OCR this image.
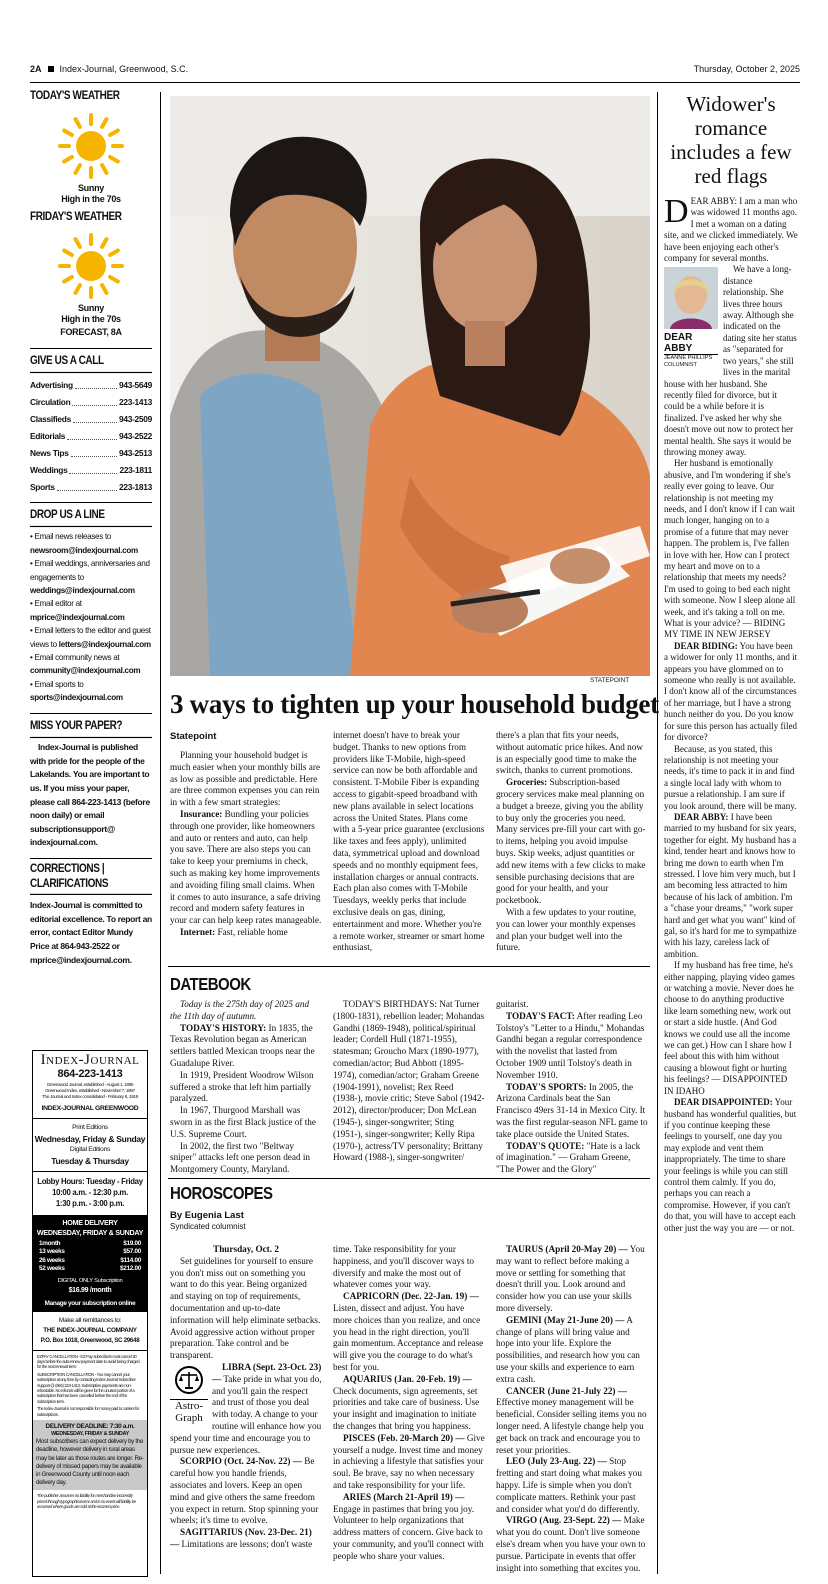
2A Index-Journal, Greenwood, S.C.	Thursday, October 2, 2025
TODAY'S WEATHER
Sunny
High in the 70s
FRIDAY'S WEATHER
Sunny
High in the 70s
FORECAST, 8A
GIVE US A CALL
Advertising	943-5649
Circulation	223-1413
Classifieds	943-2509
Editorials	943-2522
News Tips	943-2513
Weddings	223-1811
Sports	223-1813
DROP US A LINE
• Email news releases to newsroom@indexjournal.com
• Email weddings, anniversaries and engagements to weddings@indexjournal.com
• Email editor at mprice@indexjournal.com
• Email letters to the editor and guest views to letters@indexjournal.com
• Email community news at community@indexjournal.com
• Email sports to sports@indexjournal.com
MISS YOUR PAPER?
Index-Journal is published with pride for the people of the Lakelands. You are important to us. If you miss your paper, please call 864-223-1413 (before noon daily) or email subscriptionsupport@ indexjournal.com.
CORRECTIONS | CLARIFICATIONS
Index-Journal is committed to editorial excellence. To report an error, contact Editor Mundy Price at 864-943-2522 or mprice@indexjournal.com.
Index-Journal
864-223-1413
Greenwood Journal, established - August 1, 1895
Greenwood Index, established - November 7, 1897
The Journal and Index consolidated - February 6, 1919
INDEX-JOURNAL GREENWOOD
Print Editions
Wednesday, Friday & Sunday
Digital Editions
Tuesday & Thursday
Lobby Hours: Tuesday - Friday
10:00 a.m. - 12:30 p.m.
1:30 p.m. - 3:00 p.m.
HOME DELIVERY
WEDNESDAY, FRIDAY & SUNDAY
1month	$19.00
13 weeks	$57.00
26 weeks	$114.00
52 weeks	$212.00
DIGITAL ONLY Subscription
$16.99 /month
Manage your subscription online
Make all remittances to:
THE INDEX-JOURNAL COMPANY
P.O. Box 1018, Greenwood, SC 29648
EZPAY CANCELLATION - EZ-Pay subscribers must cancel 30 days before the auto-renew payment date to avoid being charged for the next renewal term.
SUBSCRIPTION CANCELLATION - You may cancel your subscription at any time by contacting Index-Journal Subscriber Support @ (864) 223-1413. Subscription payments are non-refundable. No refunds will be given for the unused portion of a subscription that has been cancelled before the end of the subscription term.
The Index-Journal is not responsible for money paid to carriers for subscriptions.
DELIVERY DEADLINE: 7:30 a.m.
WEDNESDAY, FRIDAY & SUNDAY
Most subscribers can expect delivery by the deadline, however delivery in rural areas may be later as those routes are longer. Re-delivery of missed papers may be available in Greenwood County until noon each delivery day.
The publisher assumes no liability for merchandise incorrectly priced through typographical error and in no event will liability be assumed where goods are sold at the incorrect price.
STATEPOINT
3 ways to tighten up your household budget
Statepoint

Planning your household budget is much easier when your monthly bills are as low as possible and predictable. Here are three common expenses you can rein in with a few smart strategies:

Insurance: Bundling your policies through one provider, like homeowners and auto or renters and auto, can help you save. There are also steps you can take to keep your premiums in check, such as making key home improvements and avoiding filing small claims. When it comes to auto insurance, a safe driving record and modern safety features in your car can help keep rates manageable.

Internet: Fast, reliable home

internet doesn't have to break your budget. Thanks to new options from providers like T-Mobile, high-speed service can now be both affordable and consistent. T-Mobile Fiber is expanding access to gigabit-speed broadband with new plans available in select locations across the United States. Plans come with a 5-year price guarantee (exclusions like taxes and fees apply), unlimited data, symmetrical upload and download speeds and no monthly equipment fees, installation charges or annual contracts. Each plan also comes with T-Mobile Tuesdays, weekly perks that include exclusive deals on gas, dining, entertainment and more. Whether you're a remote worker, streamer or smart home enthusiast,

there's a plan that fits your needs, without automatic price hikes. And now is an especially good time to make the switch, thanks to current promotions.

Groceries: Subscription-based grocery services make meal planning on a budget a breeze, giving you the ability to buy only the groceries you need. Many services pre-fill your cart with go-to items, helping you avoid impulse buys. Skip weeks, adjust quantities or add new items with a few clicks to make sensible purchasing decisions that are good for your health, and your pocketbook.

With a few updates to your routine, you can lower your monthly expenses and plan your budget well into the future.

DATEBOOK

Today is the 275th day of 2025 and the 11th day of autumn.

TODAY'S HISTORY: In 1835, the Texas Revolution began as American settlers battled Mexican troops near the Guadalupe River.

In 1919, President Woodrow Wilson suffered a stroke that left him partially paralyzed.

In 1967, Thurgood Marshall was sworn in as the first Black justice of the U.S. Supreme Court.

In 2002, the first two "Beltway sniper" attacks left one person dead in Montgomery County, Maryland.

TODAY'S BIRTHDAYS: Nat Turner (1800-1831), rebellion leader; Mohandas Gandhi (1869-1948), political/spiritual leader; Cordell Hull (1871-1955), statesman; Groucho Marx (1890-1977), comedian/actor; Bud Abbott (1895-1974), comedian/actor; Graham Greene (1904-1991), novelist; Rex Reed (1938-), movie critic; Steve Sabol (1942-2012), director/producer; Don McLean (1945-), singer-songwriter; Sting (1951-), singer-songwriter; Kelly Ripa (1970-), actress/TV personality; Brittany Howard (1988-), singer-songwriter/

guitarist.

TODAY'S FACT: After reading Leo Tolstoy's "Letter to a Hindu," Mohandas Gandhi began a regular correspondence with the novelist that lasted from October 1909 until Tolstoy's death in November 1910.

TODAY'S SPORTS: In 2005, the Arizona Cardinals beat the San Francisco 49ers 31-14 in Mexico City. It was the first regular-season NFL game to take place outside the United States.

TODAY'S QUOTE: "Hate is a lack of imagination." — Graham Greene, "The Power and the Glory"

HOROSCOPES
By Eugenia Last
Syndicated columnist

Thursday, Oct. 2

Set guidelines for yourself to ensure you don't miss out on something you want to do this year. Being organized and staying on top of requirements, documentation and up-to-date information will help eliminate setbacks. Avoid aggressive action without proper preparation. Take control and be transparent.

Astro-
Graph

LIBRA (Sept. 23-Oct. 23) — Take pride in what you do, and you'll gain the respect and trust of those you deal with today. A change to your routine will enhance how you spend your time and encourage you to pursue new experiences.

SCORPIO (Oct. 24-Nov. 22) — Be careful how you handle friends, associates and lovers. Keep an open mind and give others the same freedom you expect in return. Stop spinning your wheels; it's time to evolve.

SAGITTARIUS (Nov. 23-Dec. 21) — Limitations are lessons; don't waste

time. Take responsibility for your happiness, and you'll discover ways to diversify and make the most out of whatever comes your way.

CAPRICORN (Dec. 22-Jan. 19) — Listen, dissect and adjust. You have more choices than you realize, and once you head in the right direction, you'll gain momentum. Acceptance and release will give you the courage to do what's best for you.

AQUARIUS (Jan. 20-Feb. 19) — Check documents, sign agreements, set priorities and take care of business. Use your insight and imagination to initiate the changes that bring you happiness.

PISCES (Feb. 20-March 20) — Give yourself a nudge. Invest time and money in achieving a lifestyle that satisfies your soul. Be brave, say no when necessary and take responsibility for your life.

ARIES (March 21-April 19) — Engage in pastimes that bring you joy. Volunteer to help organizations that address matters of concern. Give back to your community, and you'll connect with people who share your values.

TAURUS (April 20-May 20) — You may want to reflect before making a move or settling for something that doesn't thrill you. Look around and consider how you can use your skills more diversely.

GEMINI (May 21-June 20) — A change of plans will bring value and hope into your life. Explore the possibilities, and research how you can use your skills and experience to earn extra cash.

CANCER (June 21-July 22) — Effective money management will be beneficial. Consider selling items you no longer need. A lifestyle change help you get back on track and encourage you to reset your priorities.

LEO (July 23-Aug. 22) — Stop fretting and start doing what makes you happy. Life is simple when you don't complicate matters. Rethink your past and consider what you'd do differently.

VIRGO (Aug. 23-Sept. 22) — Make what you do count. Don't live someone else's dream when you have your own to pursue. Participate in events that offer insight into something that excites you.

Widower's romance includes a few red flags
D EAR ABBY: I am a man who was widowed 11 months ago. I met a woman on a dating site, and we clicked immediately. We have been enjoying each other's company for several months.

DEAR
ABBY
JEANNE PHILLIPS COLUMNIST

We have a long-distance relationship. She lives three hours away. Although she indicated on the dating site her status as "separated for two years," she still lives in the marital house with her husband. She recently filed for divorce, but it could be a while before it is finalized. I've asked her why she doesn't move out now to protect her mental health. She says it would be throwing money away.

Her husband is emotionally abusive, and I'm wondering if she's really ever going to leave. Our relationship is not meeting my needs, and I don't know if I can wait much longer, hanging on to a promise of a future that may never happen. The problem is, I've fallen in love with her. How can I protect my heart and move on to a relationship that meets my needs? I'm used to going to bed each night with someone. Now I sleep alone all week, and it's taking a toll on me. What is your advice? — BIDING MY TIME IN NEW JERSEY

DEAR BIDING: You have been a widower for only 11 months, and it appears you have glommed on to someone who really is not available. I don't know all of the circumstances of her marriage, but I have a strong hunch neither do you. Do you know for sure this person has actually filed for divorce?

Because, as you stated, this relationship is not meeting your needs, it's time to pack it in and find a single local lady with whom to pursue a relationship. I am sure if you look around, there will be many.

DEAR ABBY: I have been married to my husband for six years, together for eight. My husband has a kind, tender heart and knows how to bring me down to earth when I'm stressed. I love him very much, but I am becoming less attracted to him because of his lack of ambition. I'm a "chase your dreams," "work super hard and get what you want" kind of gal, so it's hard for me to sympathize with his lazy, careless lack of ambition.

If my husband has free time, he's either napping, playing video games or watching a movie. Never does he choose to do anything productive like learn something new, work out or start a side hustle. (And God knows we could use all the income we can get.) How can I share how I feel about this with him without causing a blowout fight or hurting his feelings? — DISAPPOINTED IN IDAHO

DEAR DISAPPOINTED: Your husband has wonderful qualities, but if you continue keeping these feelings to yourself, one day you may explode and vent them inappropriately. The time to share your feelings is while you can still control them calmly. If you do, perhaps you can reach a compromise. However, if you can't do that, you will have to accept each other just the way you are — or not.
